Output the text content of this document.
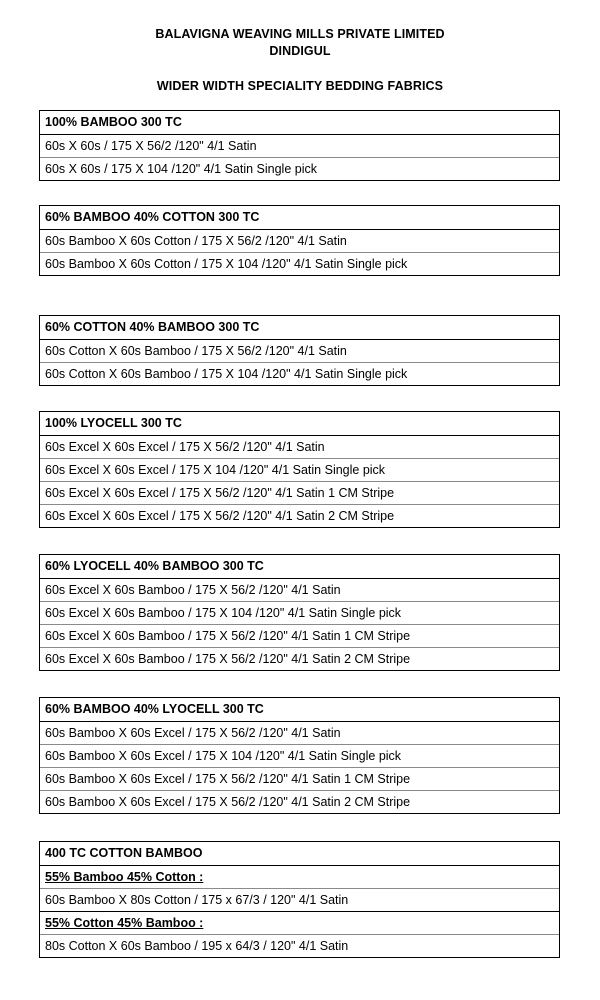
BALAVIGNA WEAVING MILLS PRIVATE LIMITED
DINDIGUL
WIDER WIDTH SPECIALITY BEDDING FABRICS
100% BAMBOO 300 TC
60s X 60s / 175 X 56/2 /120" 4/1 Satin
60s X 60s / 175 X 104 /120" 4/1 Satin Single pick
60% BAMBOO 40% COTTON 300 TC
60s Bamboo X 60s Cotton / 175 X 56/2 /120" 4/1 Satin
60s Bamboo X 60s Cotton / 175 X 104 /120" 4/1 Satin Single pick
60% COTTON 40% BAMBOO 300 TC
60s Cotton X 60s Bamboo / 175 X 56/2 /120" 4/1 Satin
60s Cotton X 60s Bamboo / 175 X 104 /120" 4/1 Satin Single pick
100% LYOCELL 300 TC
60s Excel X 60s Excel / 175 X 56/2 /120" 4/1 Satin
60s Excel X 60s Excel / 175 X 104 /120" 4/1 Satin Single pick
60s Excel X 60s Excel / 175 X 56/2 /120" 4/1 Satin 1 CM Stripe
60s Excel X 60s Excel / 175 X 56/2 /120" 4/1 Satin 2 CM Stripe
60% LYOCELL 40% BAMBOO 300 TC
60s Excel X 60s Bamboo / 175 X 56/2 /120" 4/1 Satin
60s Excel X 60s Bamboo / 175 X 104 /120" 4/1 Satin Single pick
60s Excel X 60s Bamboo / 175 X 56/2 /120" 4/1 Satin 1 CM Stripe
60s Excel X 60s Bamboo / 175 X 56/2 /120" 4/1 Satin 2 CM Stripe
60% BAMBOO 40% LYOCELL 300 TC
60s Bamboo X 60s Excel / 175 X 56/2 /120" 4/1 Satin
60s Bamboo X 60s Excel / 175 X 104 /120" 4/1 Satin Single pick
60s Bamboo X 60s Excel / 175 X 56/2 /120" 4/1 Satin 1 CM Stripe
60s Bamboo X 60s Excel / 175 X 56/2 /120" 4/1 Satin 2 CM Stripe
400 TC COTTON BAMBOO
55% Bamboo 45% Cotton :
60s Bamboo X 80s Cotton / 175 x 67/3 / 120" 4/1 Satin
55% Cotton 45% Bamboo :
80s Cotton X 60s Bamboo / 195 x 64/3 / 120" 4/1 Satin
